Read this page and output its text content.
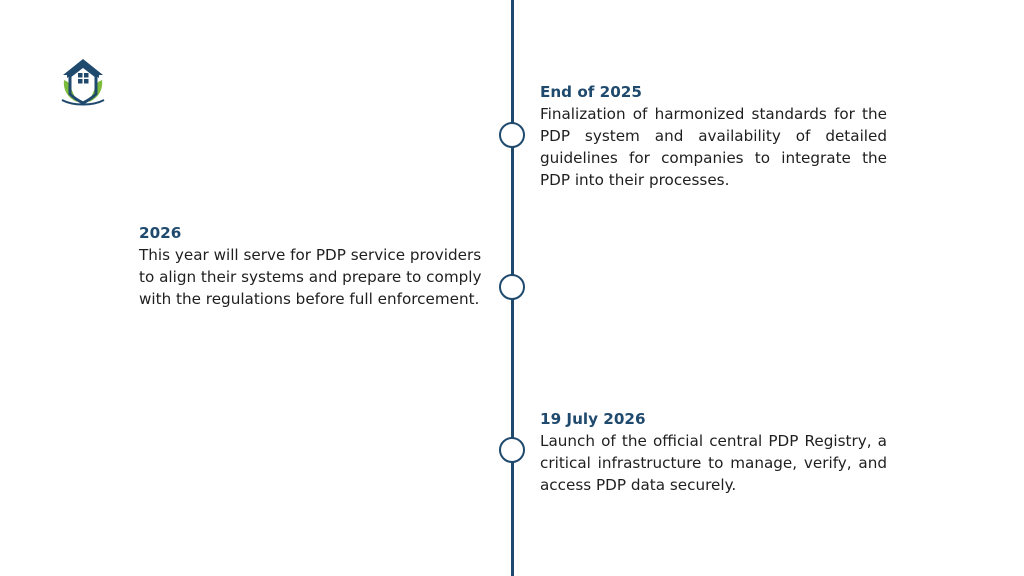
End of 2025
Finalization of harmonized standards for the PDP system and availability of detailed guidelines for companies to integrate the PDP into their processes.
2026
This year will serve for PDP service providers to align their systems and prepare to comply with the regulations before full enforcement.
19 July 2026
Launch of the official central PDP Registry, a critical infrastructure to manage, verify, and access PDP data securely.
